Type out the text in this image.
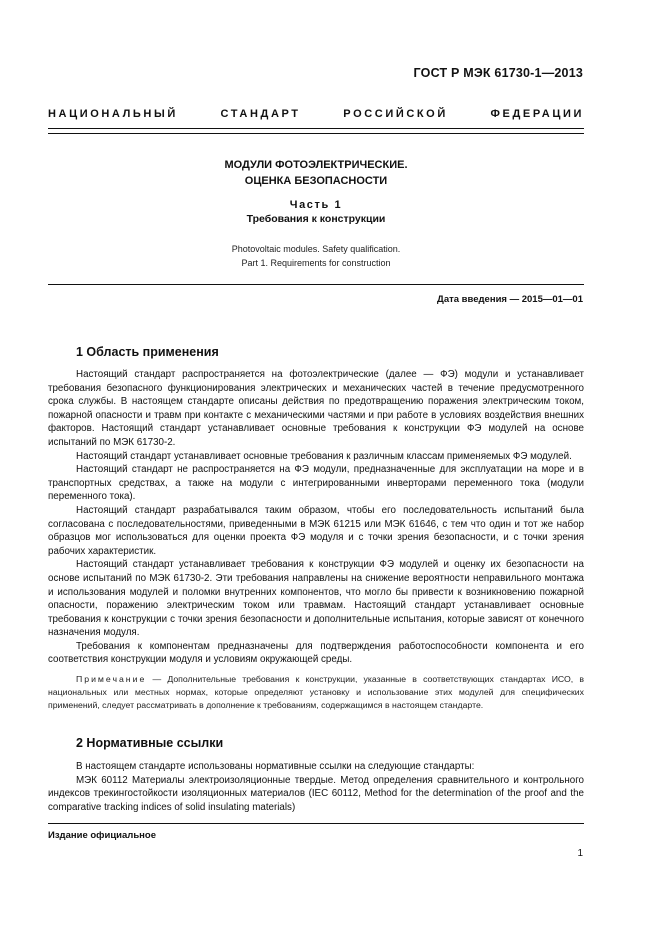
ГОСТ Р МЭК 61730-1—2013
НАЦИОНАЛЬНЫЙ СТАНДАРТ РОССИЙСКОЙ ФЕДЕРАЦИИ
МОДУЛИ ФОТОЭЛЕКТРИЧЕСКИЕ.
ОЦЕНКА БЕЗОПАСНОСТИ
Часть 1
Требования к конструкции
Photovoltaic modules. Safety qualification.
Part 1. Requirements for construction
Дата введения — 2015—01—01
1 Область применения

Настоящий стандарт распространяется на фотоэлектрические (далее — ФЭ) модули и устанавливает требования безопасного функционирования электрических и механических частей в течение предусмотренного срока службы. В настоящем стандарте описаны действия по предотвращению поражения электрическим током, пожарной опасности и травм при контакте с механическими частями и при работе в условиях воздействия внешних факторов. Настоящий стандарт устанавливает основные требования к конструкции ФЭ модулей на основе испытаний по МЭК 61730-2.

Настоящий стандарт устанавливает основные требования к различным классам применяемых ФЭ модулей.

Настоящий стандарт не распространяется на ФЭ модули, предназначенные для эксплуатации на море и в транспортных средствах, а также на модули с интегрированными инверторами переменного тока (модули переменного тока).

Настоящий стандарт разрабатывался таким образом, чтобы его последовательность испытаний была согласована с последовательностями, приведенными в МЭК 61215 или МЭК 61646, с тем что один и тот же набор образцов мог использоваться для оценки проекта ФЭ модуля и с точки зрения безопасности, и с точки зрения рабочих характеристик.

Настоящий стандарт устанавливает требования к конструкции ФЭ модулей и оценку их безопасности на основе испытаний по МЭК 61730-2. Эти требования направлены на снижение вероятности неправильного монтажа и использования модулей и поломки внутренних компонентов, что могло бы привести к возникновению пожарной опасности, поражению электрическим током или травмам. Настоящий стандарт устанавливает основные требования к конструкции с точки зрения безопасности и дополнительные испытания, которые зависят от конечного назначения модуля.

Требования к компонентам предназначены для подтверждения работоспособности компонента и его соответствия конструкции модуля и условиям окружающей среды.

Примечание — Дополнительные требования к конструкции, указанные в соответствующих стандартах ИСО, в национальных или местных нормах, которые определяют установку и использование этих модулей для специфических применений, следует рассматривать в дополнение к требованиям, содержащимся в настоящем стандарте.

2 Нормативные ссылки

В настоящем стандарте использованы нормативные ссылки на следующие стандарты:

МЭК 60112 Материалы электроизоляционные твердые. Метод определения сравнительного и контрольного индексов трекингостойкости изоляционных материалов (IEC 60112, Method for the determination of the proof and the comparative tracking indices of solid insulating materials)

Издание официальное
1
